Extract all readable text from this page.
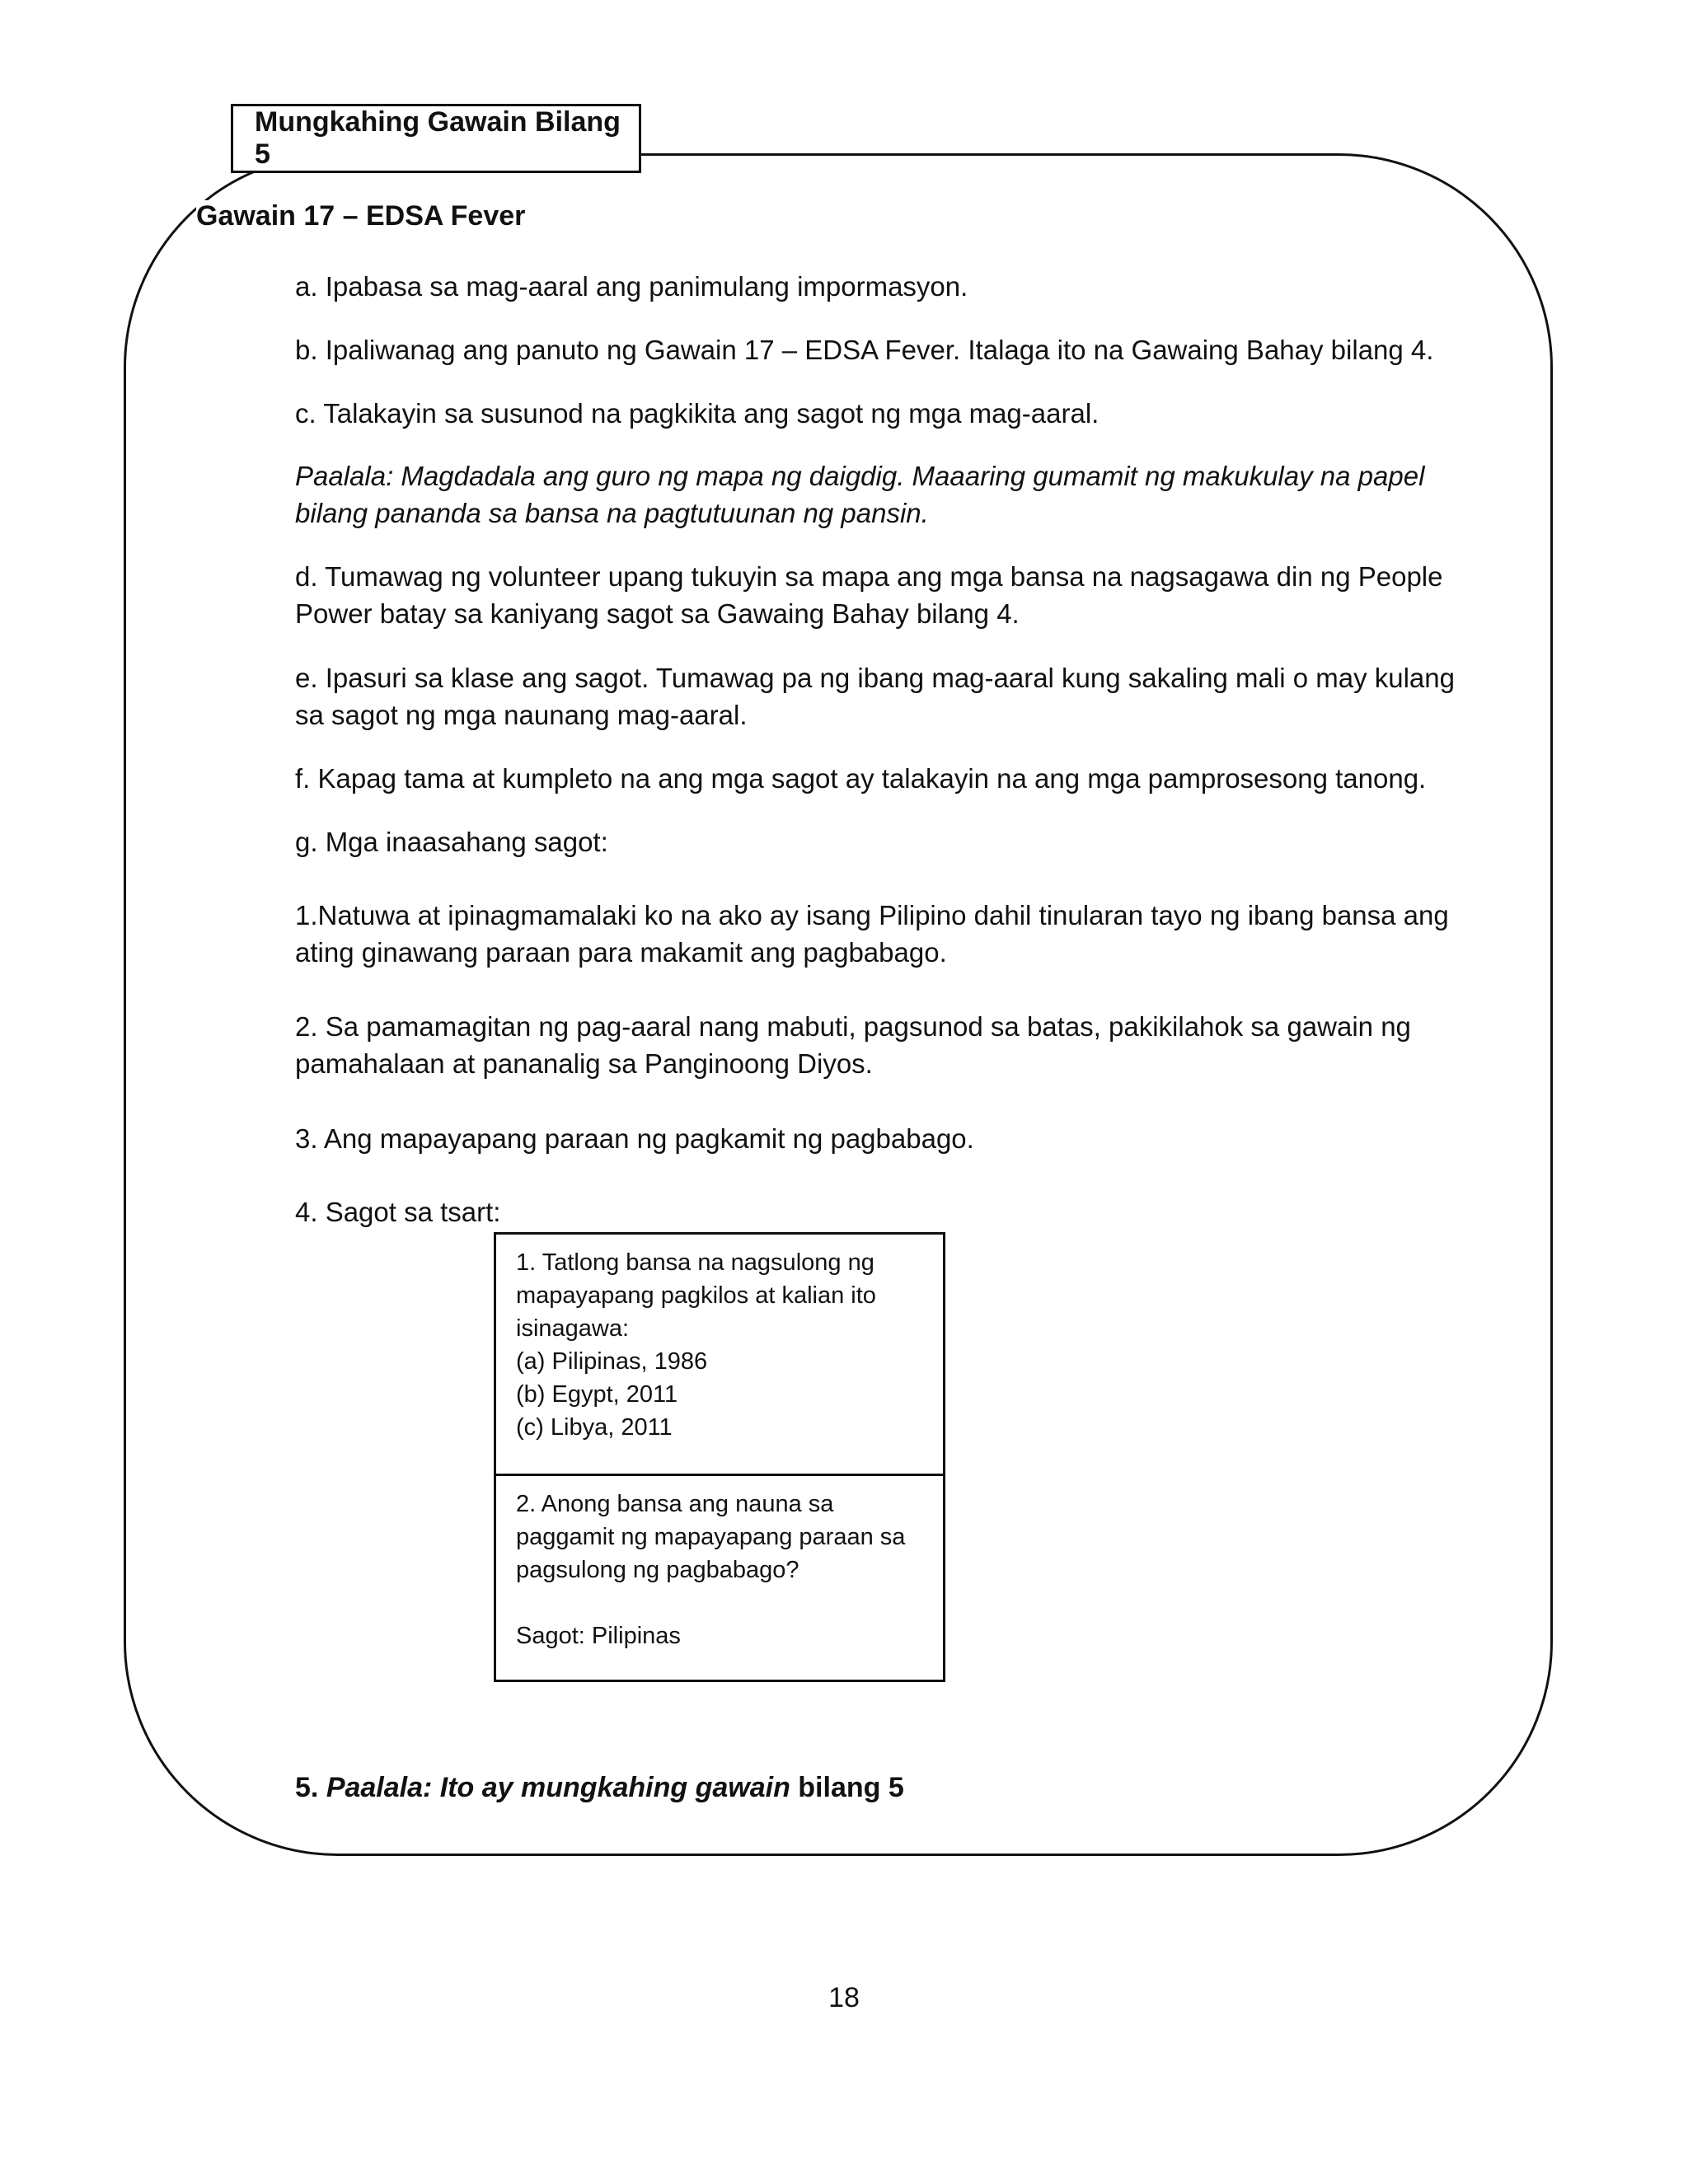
Mungkahing Gawain Bilang 5
Gawain 17 – EDSA Fever

a. Ipabasa sa mag-aaral ang panimulang impormasyon.

b. Ipaliwanag ang panuto ng Gawain 17 – EDSA Fever. Italaga ito na Gawaing Bahay bilang 4.

c. Talakayin sa susunod na pagkikita ang sagot ng mga mag-aaral.

Paalala: Magdadala ang guro ng mapa ng daigdig. Maaaring gumamit ng makukulay na papel bilang pananda sa bansa na pagtutuunan ng pansin.

d. Tumawag ng volunteer upang tukuyin sa mapa ang mga bansa na nagsagawa din ng People Power batay sa kaniyang sagot sa Gawaing Bahay bilang 4.

e. Ipasuri sa klase ang sagot. Tumawag pa ng ibang mag-aaral kung sakaling mali o may kulang sa sagot ng mga naunang mag-aaral.

f. Kapag tama at kumpleto na ang mga sagot ay talakayin na ang mga pamprosesong tanong.

g. Mga inaasahang sagot:

1.Natuwa at ipinagmamalaki ko na ako ay isang Pilipino dahil tinularan tayo ng ibang bansa ang ating ginawang paraan para makamit ang pagbabago.

2. Sa pamamagitan ng pag-aaral nang mabuti, pagsunod sa batas, pakikilahok sa gawain ng pamahalaan at pananalig sa Panginoong Diyos.

3. Ang mapayapang paraan ng pagkamit ng pagbabago.

4. Sagot sa tsart:

1. Tatlong bansa na nagsulong ng mapayapang pagkilos at kalian ito isinagawa:
(a) Pilipinas, 1986
(b) Egypt, 2011
(c) Libya, 2011
2. Anong bansa ang nauna sa paggamit ng mapayapang paraan sa pagsulong ng pagbabago?
Sagot: Pilipinas
5. Paalala: Ito ay mungkahing gawain bilang 5
18
